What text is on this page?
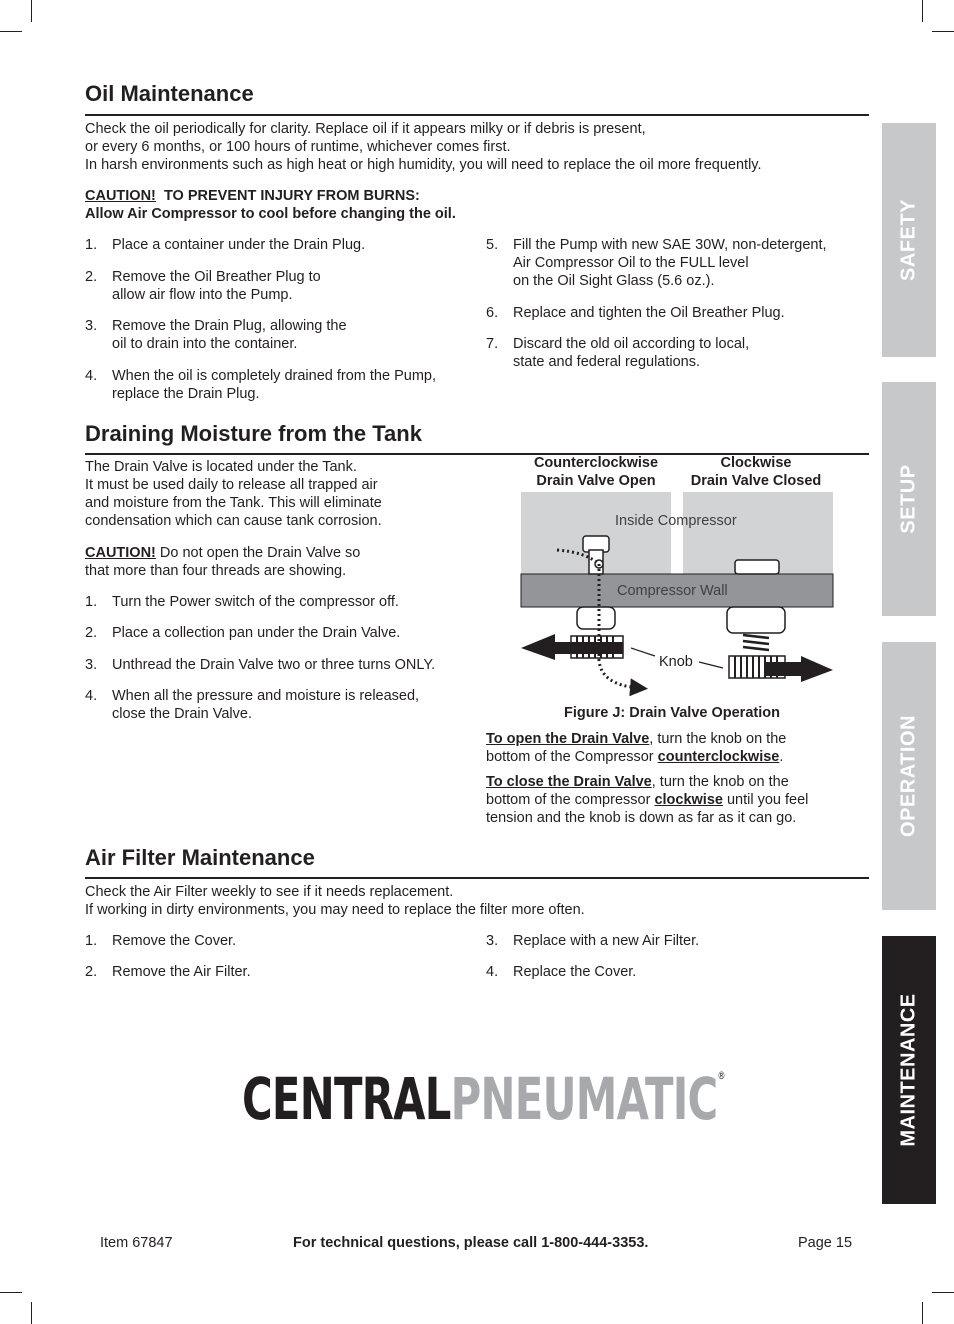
Oil Maintenance
Check the oil periodically for clarity. Replace oil if it appears milky or if debris is present,
or every 6 months, or 100 hours of runtime, whichever comes first.
In harsh environments such as high heat or high humidity, you will need to replace the oil more frequently.
CAUTION!  TO PREVENT INJURY FROM BURNS:
Allow Air Compressor to cool before changing the oil.
1. Place a container under the Drain Plug.
2. Remove the Oil Breather Plug to
allow air flow into the Pump.
3. Remove the Drain Plug, allowing the
oil to drain into the container.
4. When the oil is completely drained from the Pump,
replace the Drain Plug.
5. Fill the Pump with new SAE 30W, non-detergent,
Air Compressor Oil to the FULL level
on the Oil Sight Glass (5.6 oz.).
6. Replace and tighten the Oil Breather Plug.
7. Discard the old oil according to local,
state and federal regulations.
Draining Moisture from the Tank
The Drain Valve is located under the Tank.
It must be used daily to release all trapped air
and moisture from the Tank. This will eliminate
condensation which can cause tank corrosion.
CAUTION! Do not open the Drain Valve so
that more than four threads are showing.
1. Turn the Power switch of the compressor off.
2. Place a collection pan under the Drain Valve.
3. Unthread the Drain Valve two or three turns ONLY.
4. When all the pressure and moisture is released,
close the Drain Valve.
Counterclockwise
Drain Valve Open
Clockwise
Drain Valve Closed
Inside Compressor
Compressor Wall
Knob
Figure J: Drain Valve Operation
To open the Drain Valve, turn the knob on the
bottom of the Compressor counterclockwise.
To close the Drain Valve, turn the knob on the
bottom of the compressor clockwise until you feel
tension and the knob is down as far as it can go.
Air Filter Maintenance
Check the Air Filter weekly to see if it needs replacement.
If working in dirty environments, you may need to replace the filter more often.
1. Remove the Cover.
2. Remove the Air Filter.
3. Replace with a new Air Filter.
4. Replace the Cover.
SAFETY
SETUP
OPERATION
MAINTENANCE
CENTRALPNEUMATIC®
Item 67847	For technical questions, please call 1-800-444-3353.	Page 15
